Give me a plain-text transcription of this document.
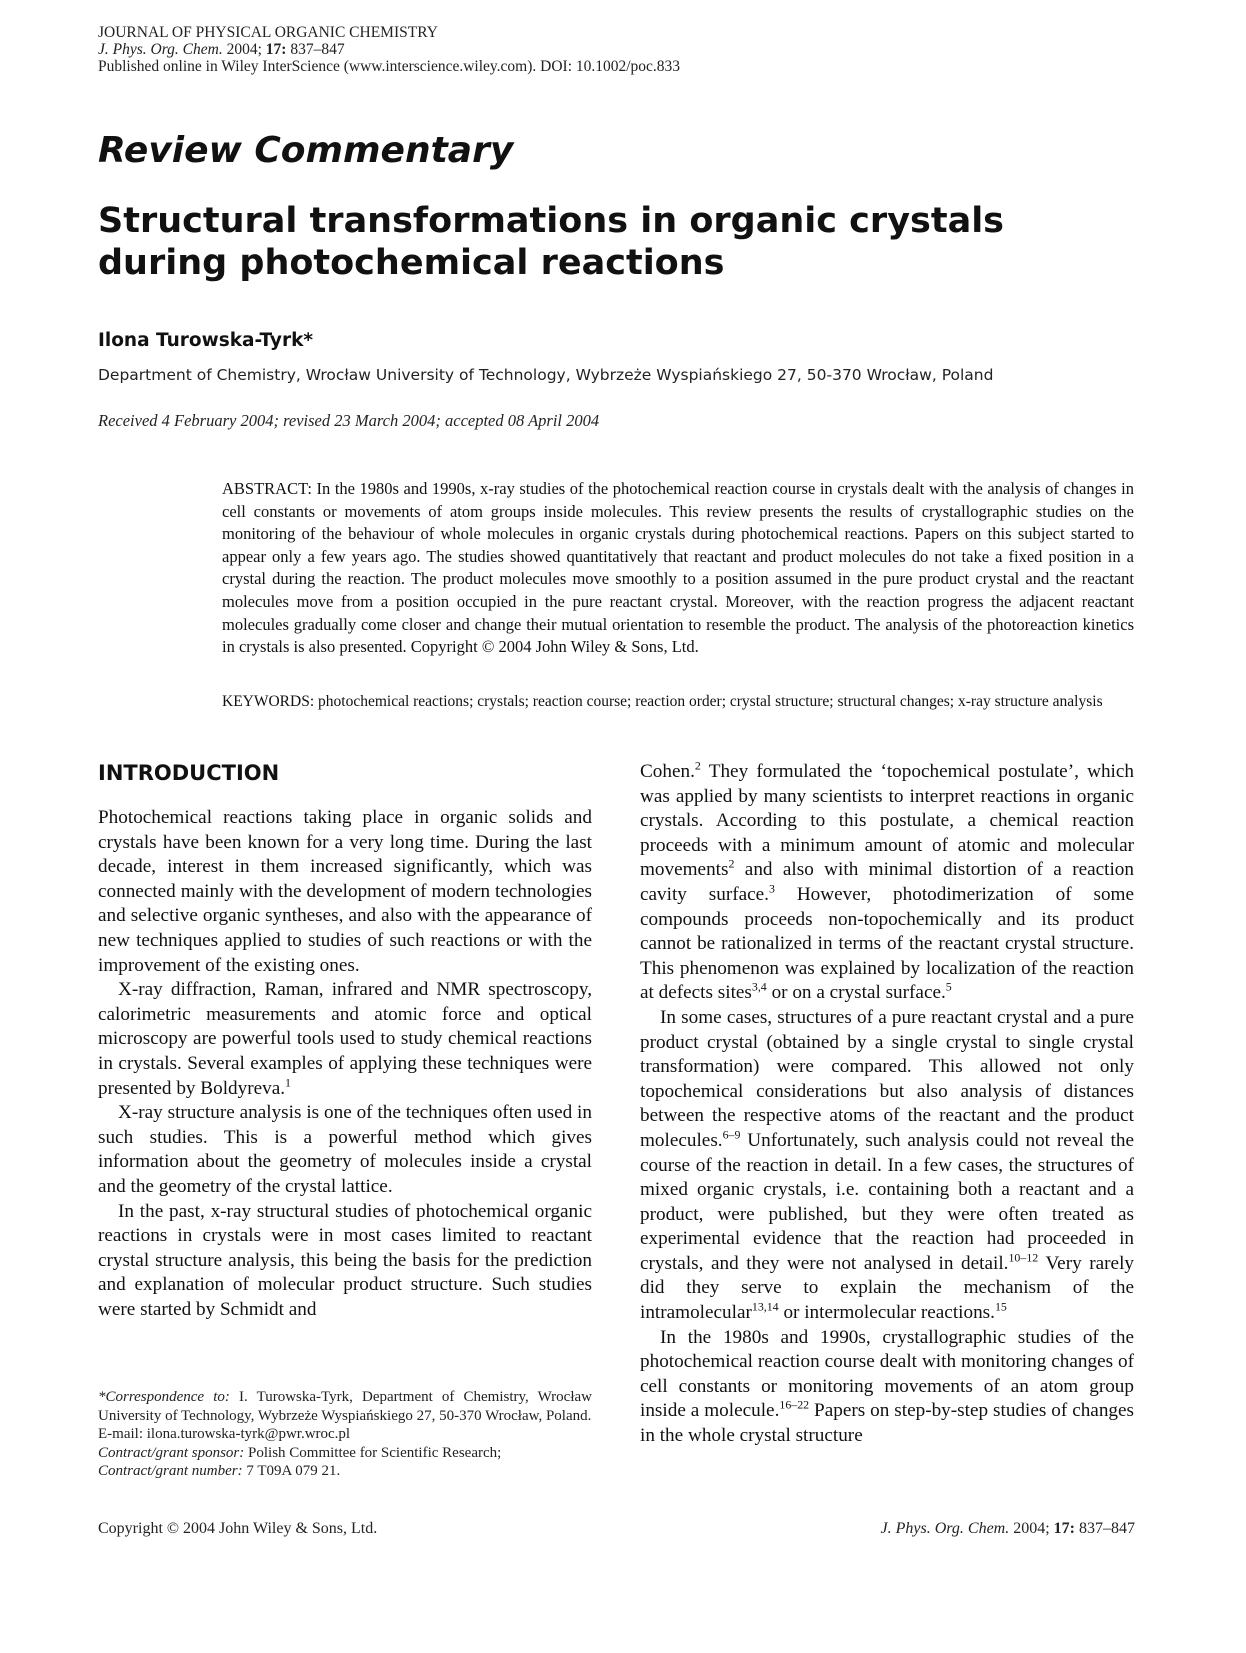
JOURNAL OF PHYSICAL ORGANIC CHEMISTRY
J. Phys. Org. Chem. 2004; 17: 837–847
Published online in Wiley InterScience (www.interscience.wiley.com). DOI: 10.1002/poc.833
Review Commentary
Structural transformations in organic crystals
during photochemical reactions
Ilona Turowska-Tyrk*
Department of Chemistry, Wrocław University of Technology, Wybrzeże Wyspiańskiego 27, 50-370 Wrocław, Poland
Received 4 February 2004; revised 23 March 2004; accepted 08 April 2004
ABSTRACT: In the 1980s and 1990s, x-ray studies of the photochemical reaction course in crystals dealt with the analysis of changes in cell constants or movements of atom groups inside molecules. This review presents the results of crystallographic studies on the monitoring of the behaviour of whole molecules in organic crystals during photochemical reactions. Papers on this subject started to appear only a few years ago. The studies showed quantitatively that reactant and product molecules do not take a fixed position in a crystal during the reaction. The product molecules move smoothly to a position assumed in the pure product crystal and the reactant molecules move from a position occupied in the pure reactant crystal. Moreover, with the reaction progress the adjacent reactant molecules gradually come closer and change their mutual orientation to resemble the product. The analysis of the photoreaction kinetics in crystals is also presented. Copyright © 2004 John Wiley & Sons, Ltd.
KEYWORDS: photochemical reactions; crystals; reaction course; reaction order; crystal structure; structural changes; x-ray structure analysis
INTRODUCTION

Photochemical reactions taking place in organic solids and crystals have been known for a very long time. During the last decade, interest in them increased significantly, which was connected mainly with the development of modern technologies and selective organic syntheses, and also with the appearance of new techniques applied to studies of such reactions or with the improvement of the existing ones.

X-ray diffraction, Raman, infrared and NMR spectroscopy, calorimetric measurements and atomic force and optical microscopy are powerful tools used to study chemical reactions in crystals. Several examples of applying these techniques were presented by Boldyreva.$^1$

X-ray structure analysis is one of the techniques often used in such studies. This is a powerful method which gives information about the geometry of molecules inside a crystal and the geometry of the crystal lattice.

In the past, x-ray structural studies of photochemical organic reactions in crystals were in most cases limited to reactant crystal structure analysis, this being the basis for the prediction and explanation of molecular product structure. Such studies were started by Schmidt and

Cohen.$^2$ They formulated the ‘topochemical postulate’, which was applied by many scientists to interpret reactions in organic crystals. According to this postulate, a chemical reaction proceeds with a minimum amount of atomic and molecular movements$^2$ and also with minimal distortion of a reaction cavity surface.$^3$ However, photodimerization of some compounds proceeds non-topochemically and its product cannot be rationalized in terms of the reactant crystal structure. This phenomenon was explained by localization of the reaction at defects sites$^{3,4}$ or on a crystal surface.$^5$

In some cases, structures of a pure reactant crystal and a pure product crystal (obtained by a single crystal to single crystal transformation) were compared. This allowed not only topochemical considerations but also analysis of distances between the respective atoms of the reactant and the product molecules.$^{6-9}$ Unfortunately, such analysis could not reveal the course of the reaction in detail. In a few cases, the structures of mixed organic crystals, i.e. containing both a reactant and a product, were published, but they were often treated as experimental evidence that the reaction had proceeded in crystals, and they were not analysed in detail.$^{10-12}$ Very rarely did they serve to explain the mechanism of the intramolecular$^{13,14}$ or intermolecular reactions.$^{15}$

In the 1980s and 1990s, crystallographic studies of the photochemical reaction course dealt with monitoring changes of cell constants or monitoring movements of an atom group inside a molecule.$^{16-22}$ Papers on step-by-step studies of changes in the whole crystal structure

*Correspondence to: I. Turowska-Tyrk, Department of Chemistry, Wrocław University of Technology, Wybrzeże Wyspiańskiego 27, 50-370 Wrocław, Poland.

E-mail: ilona.turowska-tyrk@pwr.wroc.pl

Contract/grant sponsor: Polish Committee for Scientific Research;

Contract/grant number: 7 T09A 079 21.

Copyright © 2004 John Wiley & Sons, Ltd.	J. Phys. Org. Chem. 2004; 17: 837–847
